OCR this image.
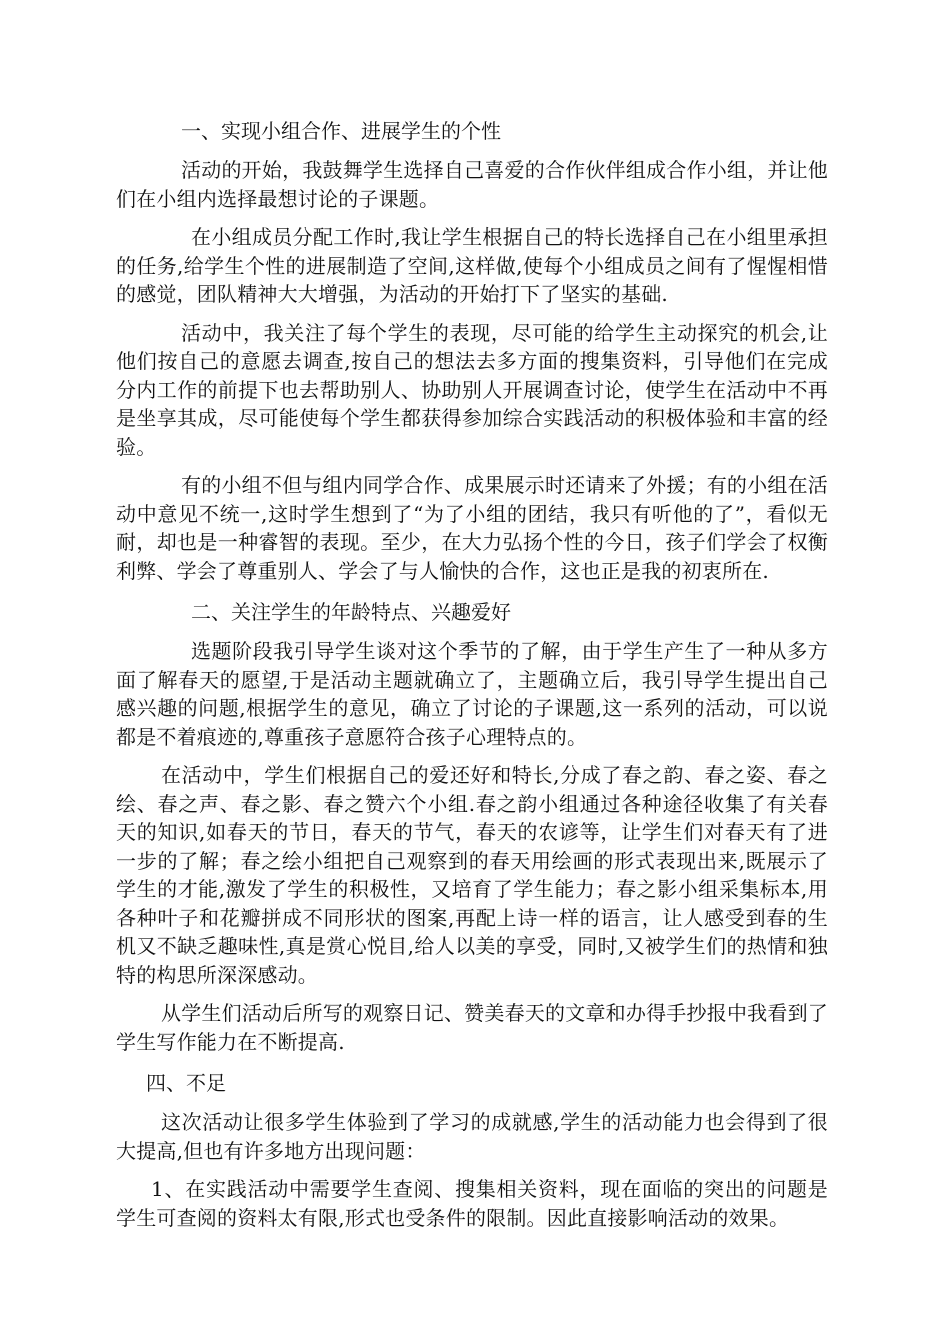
一、实现小组合作、进展学生的个性

活动的开始，我鼓舞学生选择自己喜爱的合作伙伴组成合作小组，并让他们在小组内选择最想讨论的子课题。

在小组成员分配工作时,我让学生根据自己的特长选择自己在小组里承担的任务,给学生个性的进展制造了空间,这样做,使每个小组成员之间有了惺惺相惜的感觉，团队精神大大增强，为活动的开始打下了坚实的基础.

活动中，我关注了每个学生的表现，尽可能的给学生主动探究的机会,让他们按自己的意愿去调查,按自己的想法去多方面的搜集资料，引导他们在完成分内工作的前提下也去帮助别人、协助别人开展调查讨论，使学生在活动中不再是坐享其成，尽可能使每个学生都获得参加综合实践活动的积极体验和丰富的经验。

有的小组不但与组内同学合作、成果展示时还请来了外援；有的小组在活动中意见不统一,这时学生想到了“为了小组的团结，我只有听他的了”，看似无耐，却也是一种睿智的表现。至少，在大力弘扬个性的今日，孩子们学会了权衡利弊、学会了尊重别人、学会了与人愉快的合作，这也正是我的初衷所在.

二、关注学生的年龄特点、兴趣爱好

选题阶段我引导学生谈对这个季节的了解，由于学生产生了一种从多方面了解春天的愿望,于是活动主题就确立了，主题确立后，我引导学生提出自己感兴趣的问题,根据学生的意见，确立了讨论的子课题,这一系列的活动，可以说都是不着痕迹的,尊重孩子意愿符合孩子心理特点的。

在活动中，学生们根据自己的爱还好和特长,分成了春之韵、春之姿、春之绘、春之声、春之影、春之赞六个小组.春之韵小组通过各种途径收集了有关春天的知识,如春天的节日，春天的节气，春天的农谚等，让学生们对春天有了进一步的了解；春之绘小组把自己观察到的春天用绘画的形式表现出来,既展示了学生的才能,激发了学生的积极性，又培育了学生能力；春之影小组采集标本,用各种叶子和花瓣拼成不同形状的图案,再配上诗一样的语言，让人感受到春的生机又不缺乏趣味性,真是赏心悦目,给人以美的享受，同时,又被学生们的热情和独特的构思所深深感动。

从学生们活动后所写的观察日记、赞美春天的文章和办得手抄报中我看到了学生写作能力在不断提高.

四、不足

这次活动让很多学生体验到了学习的成就感,学生的活动能力也会得到了很大提高,但也有许多地方出现问题：

1、在实践活动中需要学生查阅、搜集相关资料，现在面临的突出的问题是学生可查阅的资料太有限,形式也受条件的限制。因此直接影响活动的效果。
